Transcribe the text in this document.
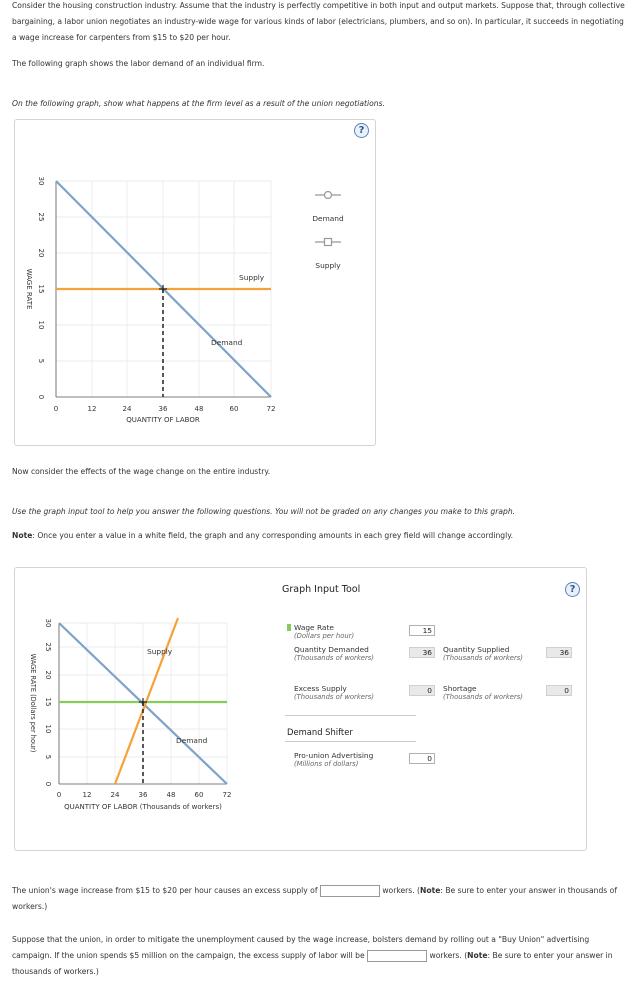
Consider the housing construction industry. Assume that the industry is perfectly competitive in both input and output markets. Suppose that, through collective bargaining, a labor union negotiates an industry-wide wage for various kinds of labor (electricians, plumbers, and so on). In particular, it succeeds in negotiating a wage increase for carpenters from $15 to $20 per hour.
The following graph shows the labor demand of an individual firm.
On the following graph, show what happens at the firm level as a result of the union negotiations.
?
30
25
20
15
10
5
0
WAGE RATE
0	12	24	36	48	60	72
QUANTITY OF LABOR
Supply
Demand
Demand
Supply
Now consider the effects of the wage change on the entire industry.
Use the graph input tool to help you answer the following questions. You will not be graded on any changes you make to this graph.
Note: Once you enter a value in a white field, the graph and any corresponding amounts in each grey field will change accordingly.
?
30
25
20
15
10
5
0
WAGE RATE (Dollars per hour)
0	12	24	36	48	60	72
QUANTITY OF LABOR (Thousands of workers)
Supply
Demand
Graph Input Tool
Wage Rate
(Dollars per hour)
15
Quantity Demanded
(Thousands of workers)
36	Quantity Supplied
(Thousands of workers)
36
Excess Supply
(Thousands of workers)
0	Shortage
(Thousands of workers)
0
Demand Shifter
Pro-union Advertising
(Millions of dollars)
0
The union's wage increase from $15 to $20 per hour causes an excess supply of	workers. (Note: Be sure to enter your answer in thousands of workers.)
Suppose that the union, in order to mitigate the unemployment caused by the wage increase, bolsters demand by rolling out a "Buy Union" advertising campaign. If the union spends $5 million on the campaign, the excess supply of labor will be	workers. (Note: Be sure to enter your answer in thousands of workers.)
